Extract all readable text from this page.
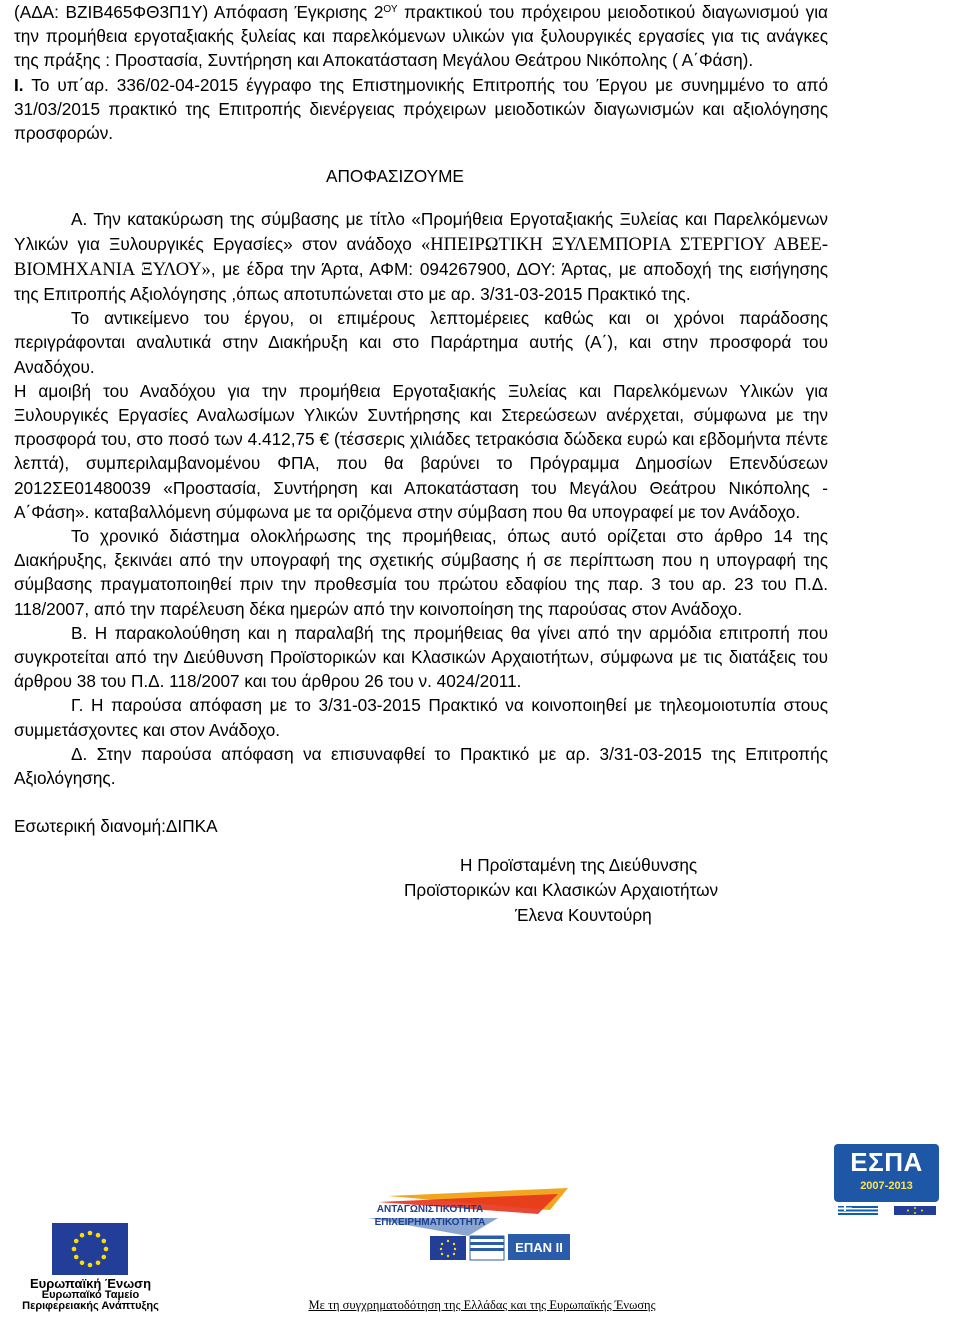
(ΑΔΑ: ΒΖΙΒ465ΦΘ3Π1Υ) Απόφαση Έγκρισης $2^{O\Upsilon}$ πρακτικού του πρόχειρου μειοδοτικού διαγωνισμού για την προμήθεια εργοταξιακής ξυλείας και παρελκόμενων υλικών για ξυλουργικές εργασίες για τις ανάγκες της πράξης : Προστασία, Συντήρηση και Αποκατάσταση Μεγάλου Θεάτρου Νικόπολης ( Α΄Φάση).

Ι. Το υπ΄αρ. 336/02-04-2015 έγγραφο της Επιστημονικής Επιτροπής του Έργου με συνημμένο το από 31/03/2015 πρακτικό της Επιτροπής διενέργειας πρόχειρων μειοδοτικών διαγωνισμών και αξιολόγησης προσφορών.

ΑΠΟΦΑΣΙΖΟΥΜΕ

Α. Την κατακύρωση της σύμβασης με τίτλο «Προμήθεια Εργοταξιακής Ξυλείας και Παρελκόμενων Υλικών για Ξυλουργικές Εργασίες» στον ανάδοχο «ΗΠΕΙΡΩΤΙΚΗ ΞΥΛΕΜΠΟΡΙΑ ΣΤΕΡΓΙΟΥ ΑΒΕΕ-ΒΙΟΜΗΧΑΝΙΑ ΞΥΛΟΥ», με έδρα την Άρτα, ΑΦΜ: 094267900, ΔΟΥ: Άρτας, με αποδοχή της εισήγησης της Επιτροπής Αξιολόγησης ,όπως αποτυπώνεται στο με αρ. 3/31-03-2015 Πρακτικό της.

Το αντικείμενο του έργου, οι επιμέρους λεπτομέρειες καθώς και οι χρόνοι παράδοσης περιγράφονται αναλυτικά στην Διακήρυξη και στο Παράρτημα αυτής (Α΄), και στην προσφορά του Αναδόχου.

Η αμοιβή του Αναδόχου για την προμήθεια Εργοταξιακής Ξυλείας και Παρελκόμενων Υλικών για Ξυλουργικές Εργασίες Αναλωσίμων Υλικών Συντήρησης και Στερεώσεων ανέρχεται, σύμφωνα με την προσφορά του, στο ποσό των 4.412,75 € (τέσσερις χιλιάδες τετρακόσια δώδεκα ευρώ και εβδομήντα πέντε λεπτά), συμπεριλαμβανομένου ΦΠΑ, που θα βαρύνει το Πρόγραμμα Δημοσίων Επενδύσεων 2012ΣΕ01480039 «Προστασία, Συντήρηση και Αποκατάσταση του Μεγάλου Θεάτρου Νικόπολης - Α΄Φάση». καταβαλλόμενη σύμφωνα με τα οριζόμενα στην σύμβαση που θα υπογραφεί με τον Ανάδοχο.

Το χρονικό διάστημα ολοκλήρωσης της προμήθειας, όπως αυτό ορίζεται στο άρθρο 14 της Διακήρυξης, ξεκινάει από την υπογραφή της σχετικής σύμβασης ή σε περίπτωση που η υπογραφή της σύμβασης πραγματοποιηθεί πριν την προθεσμία του πρώτου εδαφίου της παρ. 3 του αρ. 23 του Π.Δ. 118/2007, από την παρέλευση δέκα ημερών από την κοινοποίηση της παρούσας στον Ανάδοχο.

Β. Η παρακολούθηση και η παραλαβή της προμήθειας θα γίνει από την αρμόδια επιτροπή που συγκροτείται από την Διεύθυνση Προϊστορικών και Κλασικών Αρχαιοτήτων, σύμφωνα με τις διατάξεις του άρθρου 38 του Π.Δ. 118/2007 και του άρθρου 26 του ν. 4024/2011.

Γ. Η παρούσα απόφαση με το 3/31-03-2015 Πρακτικό να κοινοποιηθεί με τηλεομοιοτυπία στους συμμετάσχοντες και στον Ανάδοχο.

Δ. Στην παρούσα απόφαση να επισυναφθεί το Πρακτικό με αρ. 3/31-03-2015 της Επιτροπής Αξιολόγησης.

Εσωτερική διανομή:ΔΙΠΚΑ

Η Προϊσταμένη της Διεύθυνσης
Προϊστορικών και Κλασικών Αρχαιοτήτων
Έλενα Κουντούρη
Ευρωπαϊκή Ένωση
Ευρωπαϊκό Ταμείο
Περιφερειακής Ανάπτυξης
ΑΝΤΑΓΩΝΙΣΤΙΚΟΤΗΤΑ
ΕΠΙΧΕΙΡΗΜΑΤΙΚΟΤΗΤΑ
ΕΠΑΝ ΙΙ
ΕΣΠΑ
2007-2013
Με τη συγχρηματοδότηση της Ελλάδας και της Ευρωπαϊκής Ένωσης
